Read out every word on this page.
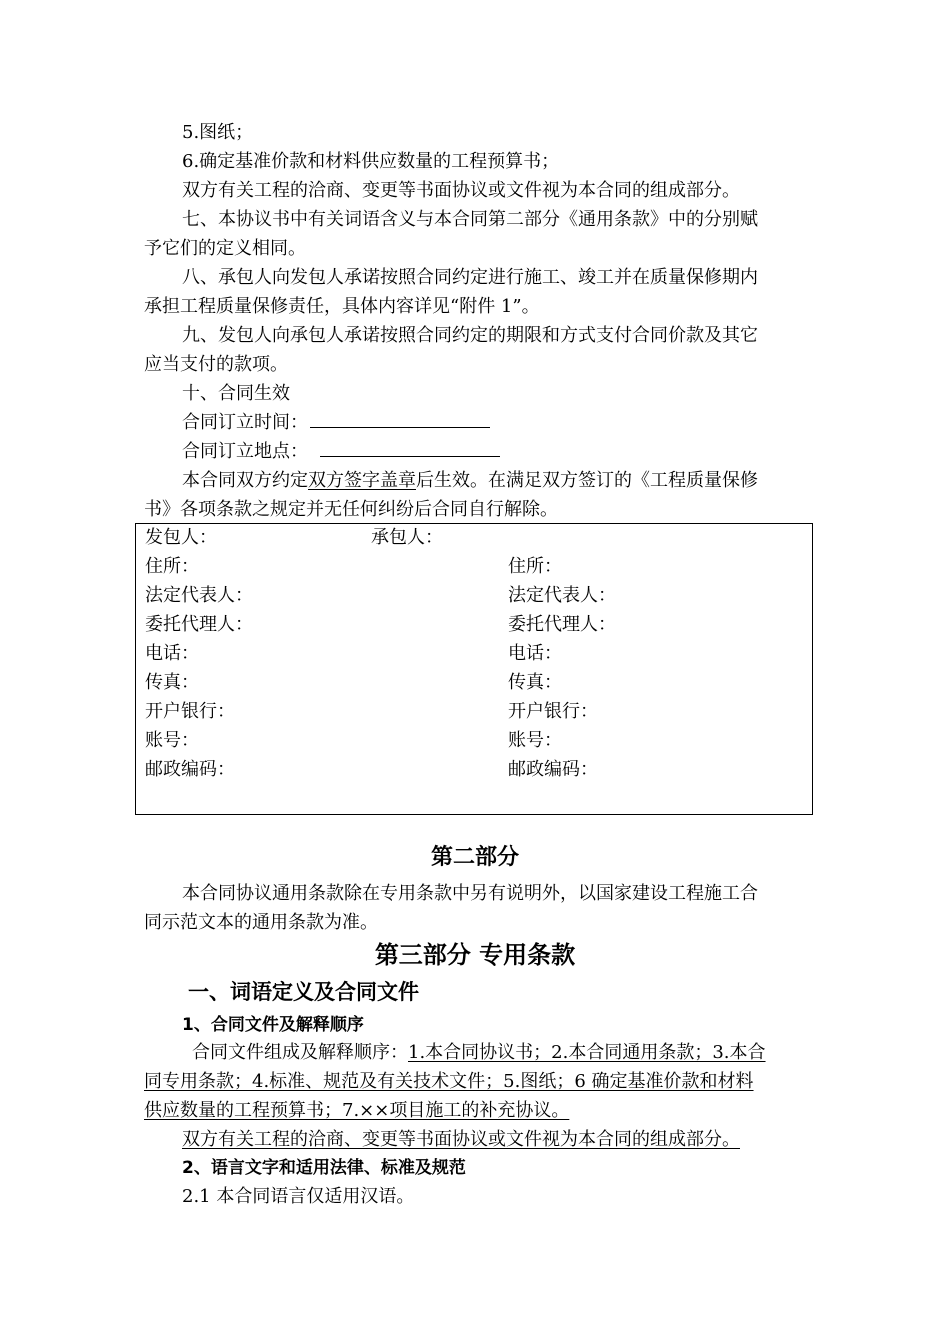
5.图纸；
6.确定基准价款和材料供应数量的工程预算书；
双方有关工程的洽商、变更等书面协议或文件视为本合同的组成部分。
七、本协议书中有关词语含义与本合同第二部分《通用条款》中的分别赋
予它们的定义相同。
八、承包人向发包人承诺按照合同约定进行施工、竣工并在质量保修期内
承担工程质量保修责任，具体内容详见“附件 1”。
九、发包人向承包人承诺按照合同约定的期限和方式支付合同价款及其它
应当支付的款项。
十、合同生效
合同订立时间：
合同订立地点：
本合同双方约定双方签字盖章后生效。在满足双方签订的《工程质量保修
书》各项条款之规定并无任何纠纷后合同自行解除。
发包人：	承包人：
住所：
法定代表人：
委托代理人：
电话：
传真：
开户银行：
账号：
邮政编码：
住所：
法定代表人：
委托代理人：
电话：
传真：
开户银行：
账号：
邮政编码：
第二部分
本合同协议通用条款除在专用条款中另有说明外，以国家建设工程施工合
同示范文本的通用条款为准。
第三部分 专用条款
一、词语定义及合同文件
1、合同文件及解释顺序
合同文件组成及解释顺序：1.本合同协议书；2.本合同通用条款；3.本合
同专用条款；4.标准、规范及有关技术文件；5.图纸；6 确定基准价款和材料
供应数量的工程预算书；7.××项目施工的补充协议。
双方有关工程的洽商、变更等书面协议或文件视为本合同的组成部分。
2、语言文字和适用法律、标准及规范
2.1 本合同语言仅适用汉语。
